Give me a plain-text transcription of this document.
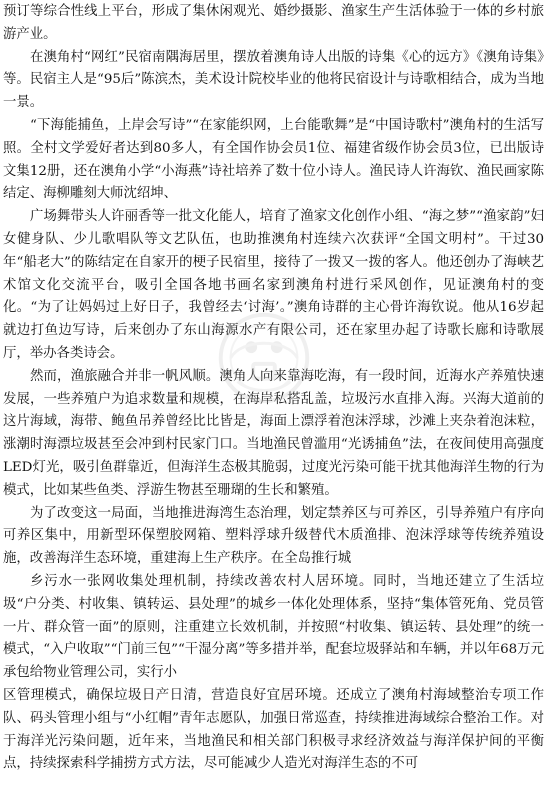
预订等综合性线上平台，形成了集休闲观光、婚纱摄影、渔家生产生活体验于一体的乡村旅游产业。

在澳角村“网红”民宿南隅海居里，摆放着澳角诗人出版的诗集《心的远方》《澳角诗集》等。民宿主人是“95后”陈滨杰，美术设计院校毕业的他将民宿设计与诗歌相结合，成为当地一景。

“下海能捕鱼，上岸会写诗”“在家能织网，上台能歌舞”是“中国诗歌村”澳角村的生活写照。全村文学爱好者达到80多人，有全国作协会员1位、福建省级作协会员3位，已出版诗文集12册，还在澳角小学“小海燕”诗社培养了数十位小诗人。渔民诗人许海钦、渔民画家陈结定、海柳雕刻大师沈绍坤、

广场舞带头人许丽香等一批文化能人，培育了渔家文化创作小组、“海之梦”“渔家韵”妇女健身队、少儿歌唱队等文艺队伍，也助推澳角村连续六次获评“全国文明村”。干过30年“船老大”的陈结定在自家开的梗子民宿里，接待了一拨又一拨的客人。他还创办了海峡艺术馆文化交流平台，吸引全国各地书画名家到澳角村进行采风创作，见证澳角村的变化。“为了让妈妈过上好日子，我曾经去‘讨海’。”澳角诗群的主心骨许海钦说。他从16岁起就边打鱼边写诗，后来创办了东山海源水产有限公司，还在家里办起了诗歌长廊和诗歌展厅，举办各类诗会。

然而，渔旅融合并非一帆风顺。澳角人向来靠海吃海，有一段时间，近海水产养殖快速发展，一些养殖户为追求数量和规模，在海岸私搭乱盖，垃圾污水直排入海。兴海大道前的这片海域，海带、鲍鱼吊养曾经比比皆是，海面上漂浮着泡沫浮球，沙滩上夹杂着泡沫粒，涨潮时海漂垃圾甚至会冲到村民家门口。当地渔民曾滥用“光诱捕鱼”法，在夜间使用高强度LED灯光，吸引鱼群靠近，但海洋生态极其脆弱，过度光污染可能干扰其他海洋生物的行为模式，比如某些鱼类、浮游生物甚至珊瑚的生长和繁殖。

为了改变这一局面，当地推进海湾生态治理，划定禁养区与可养区，引导养殖户有序向可养区集中，用新型环保塑胶网箱、塑料浮球升级替代木质渔排、泡沫浮球等传统养殖设施，改善海洋生态环境，重建海上生产秩序。在全岛推行城

乡污水一张网收集处理机制，持续改善农村人居环境。同时，当地还建立了生活垃圾“户分类、村收集、镇转运、县处理”的城乡一体化处理体系，坚持“集体管死角、党员管一片、群众管一面”的原则，注重建立长效机制，并按照“村收集、镇运转、县处理”的统一模式，“入户收取”“门前三包”“干湿分离”等多措并举，配套垃圾驿站和车辆，并以年68万元承包给物业管理公司，实行小

区管理模式，确保垃圾日产日清，营造良好宜居环境。还成立了澳角村海域整治专项工作队、码头管理小组与“小红帽”青年志愿队，加强日常巡查，持续推进海域综合整治工作。对于海洋光污染问题，近年来，当地渔民和相关部门积极寻求经济效益与海洋保护间的平衡点，持续探索科学捕捞方式方法，尽可能减少人造光对海洋生态的不可
